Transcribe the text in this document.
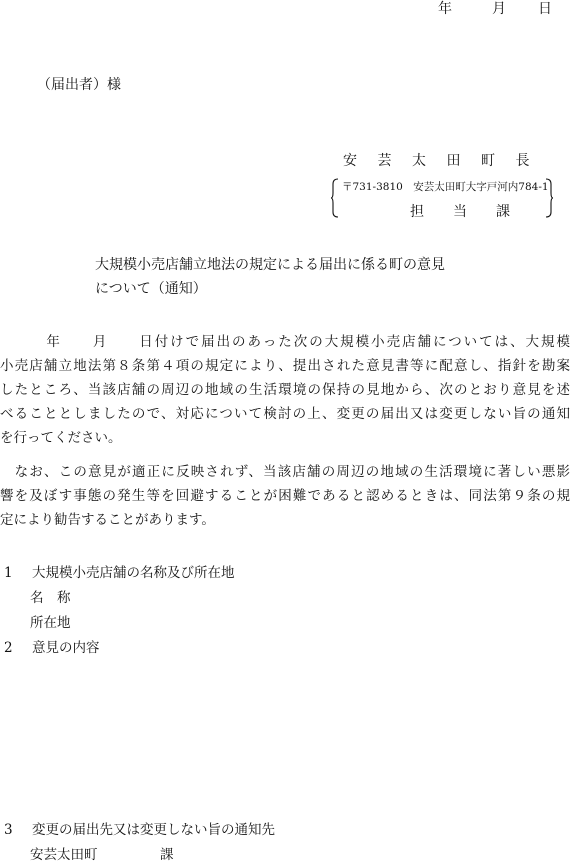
年	月 日
（届出者）様
安 芸 太 田 町 長
〒731-3810　安芸太田町大字戸河内784-1
担 当 課
大規模小売店舗立地法の規定による届出に係る町の意見
について（通知）
　　　年　　月　　日付けで届出のあった次の大規模小売店舗については、大規模
小売店舗立地法第８条第４項の規定により、提出された意見書等に配意し、指針を勘案
したところ、当該店舗の周辺の地域の生活環境の保持の見地から、次のとおり意見を述
べることとしましたので、対応について検討の上、変更の届出又は変更しない旨の通知
を行ってください。
　なお、この意見が適正に反映されず、当該店舗の周辺の地域の生活環境に著しい悪影
響を及ぼす事態の発生等を回避することが困難であると認めるときは、同法第９条の規
定により勧告することがあります。
1 大規模小売店舗の名称及び所在地
名　称
所在地
2 意見の内容
3 変更の届出先又は変更しない旨の通知先
安芸太田町	課
